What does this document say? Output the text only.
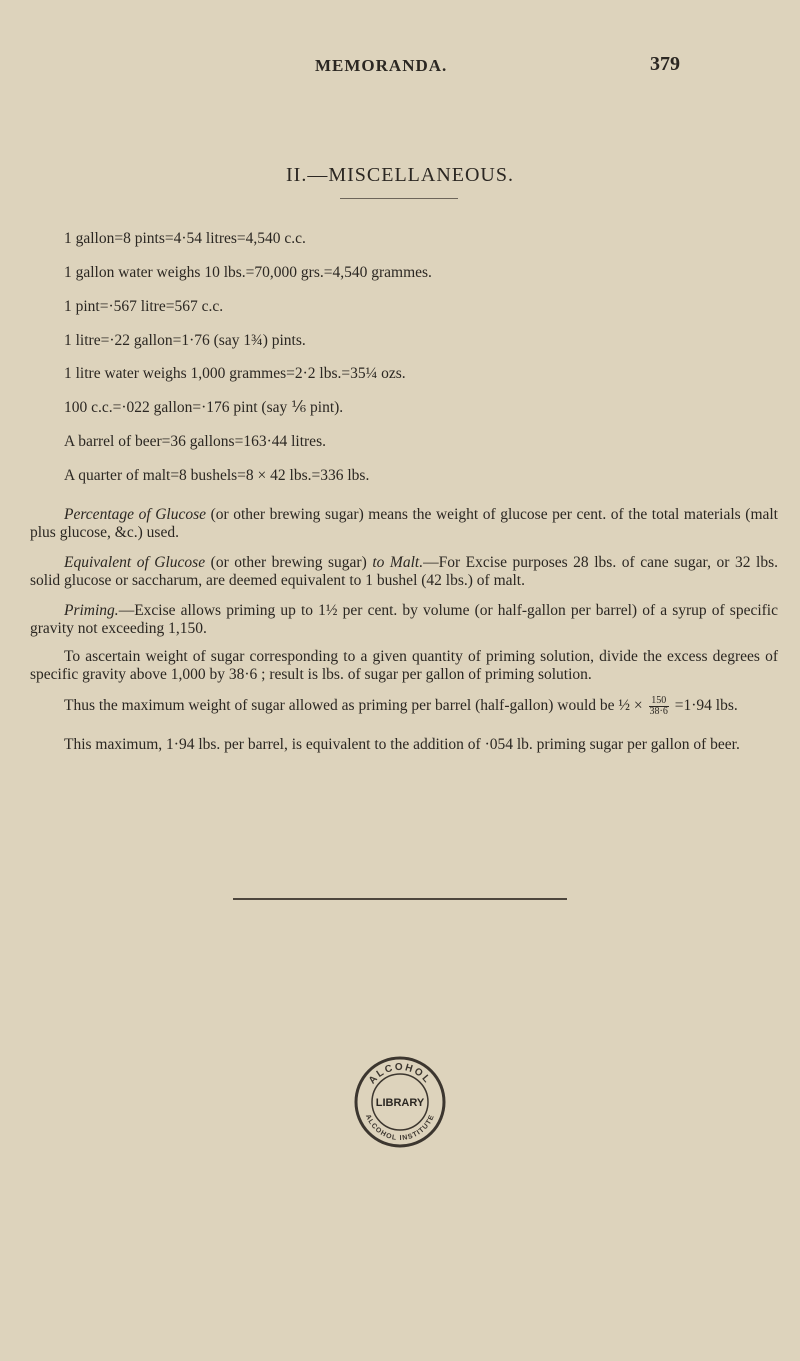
MEMORANDA.	379
II.—MISCELLANEOUS.
1 gallon=8 pints=4·54 litres=4,540 c.c.
1 gallon water weighs 10 lbs.=70,000 grs.=4,540 grammes.
1 pint=·567 litre=567 c.c.
1 litre=·22 gallon=1·76 (say 1¾) pints.
1 litre water weighs 1,000 grammes=2·2 lbs.=35¼ ozs.
100 c.c.=·022 gallon=·176 pint (say ⅙ pint).
A barrel of beer=36 gallons=163·44 litres.
A quarter of malt=8 bushels=8 × 42 lbs.=336 lbs.

Percentage of Glucose (or other brewing sugar) means the weight of glucose per cent. of the total materials (malt plus glucose, &c.) used.

Equivalent of Glucose (or other brewing sugar) to Malt.—For Excise purposes 28 lbs. of cane sugar, or 32 lbs. solid glucose or saccharum, are deemed equivalent to 1 bushel (42 lbs.) of malt.

Priming.—Excise allows priming up to 1½ per cent. by volume (or half-gallon per barrel) of a syrup of specific gravity not exceeding 1,150.

To ascertain weight of sugar corresponding to a given quantity of priming solution, divide the excess degrees of specific gravity above 1,000 by 38·6 ; result is lbs. of sugar per gallon of priming solution.

Thus the maximum weight of sugar allowed as priming per barrel (half-gallon) would be ½ × $\frac{150}{38\cdot 6} =1\cdot 94$ lbs.
This maximum, 1·94 lbs. per barrel, is equivalent to the addition of ·054 lb. priming sugar per gallon of beer.
ALCOHOL
LIBRARY
ALCOHOL INSTITUTE
